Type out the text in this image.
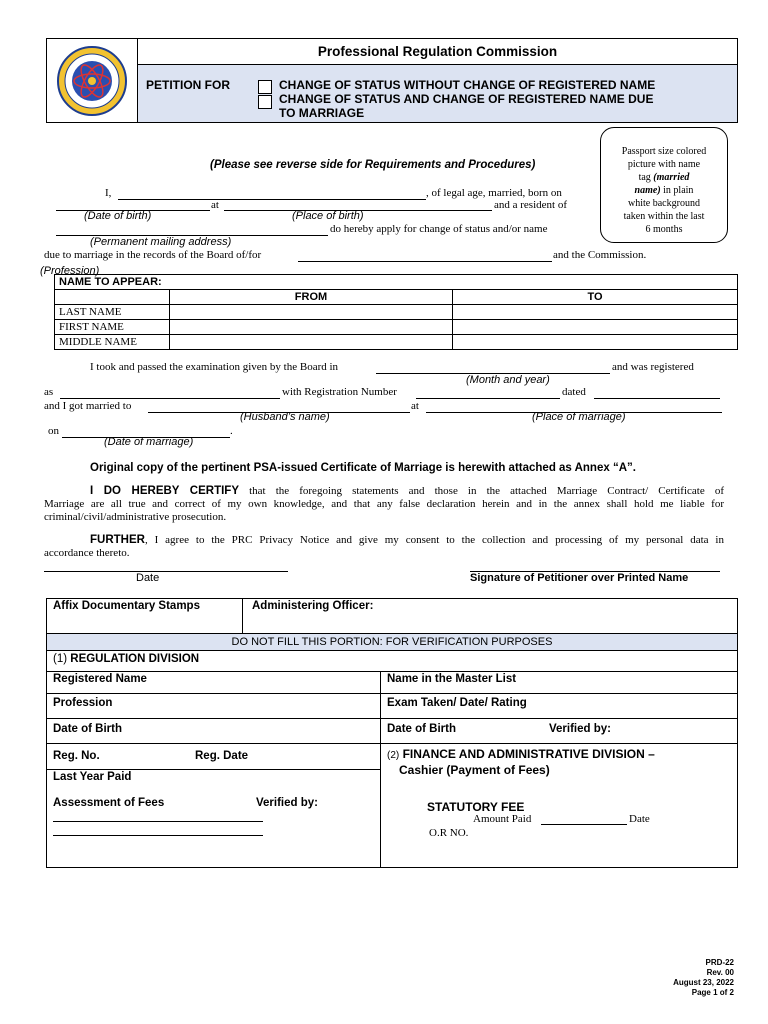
Professional Regulation Commission
PETITION FOR	CHANGE OF STATUS WITHOUT CHANGE OF REGISTERED NAME
CHANGE OF STATUS AND CHANGE OF REGISTERED NAME DUE
TO MARRIAGE
Passport size colored
picture with name
tag (married
name) in plain
white background
taken within the last
6 months
(Please see reverse side for Requirements and Procedures)
I,	, of legal age, married, born on
at	and a resident of
(Date of birth)	(Place of birth)
do hereby apply for change of status and/or name
(Permanent mailing address)
due to marriage in the records of the Board of/for	and the Commission.
(Profession)
NAME TO APPEAR:		
	FROM	TO
LAST NAME		
FIRST NAME		
MIDDLE NAME		
I took and passed the examination given by the Board in	and was registered
(Month and year)
as	with Registration Number	dated
and I got married to	at
(Husband’s name)	(Place of marriage)
on	.
(Date of marriage)
Original copy of the pertinent PSA-issued Certificate of Marriage is herewith attached as Annex “A”.
I DO HEREBY CERTIFY that the foregoing statements and those in the attached Marriage Contract/ Certificate of
Marriage are all true and correct of my own knowledge, and that any false declaration herein and in the annex shall hold me liable for
criminal/civil/administrative prosecution.
FURTHER, I agree to the PRC Privacy Notice and give my consent to the collection and processing of my personal data in
accordance thereto.
Date	Signature of Petitioner over Printed Name
Affix Documentary Stamps	Administering Officer:
DO NOT FILL THIS PORTION: FOR VERIFICATION PURPOSES
(1) REGULATION DIVISION
Registered Name	Name in the Master List
Profession	Exam Taken/ Date/ Rating
Date of Birth	Date of Birth	Verified by:
Reg. No.	Reg. Date	(2) FINANCE AND ADMINISTRATIVE DIVISION –
Cashier (Payment of Fees)
Last Year Paid
Assessment of Fees	Verified by:	STATUTORY FEE
Amount Paid	Date
O.R NO.
PRD-22
Rev. 00
August 23, 2022
Page 1 of 2
